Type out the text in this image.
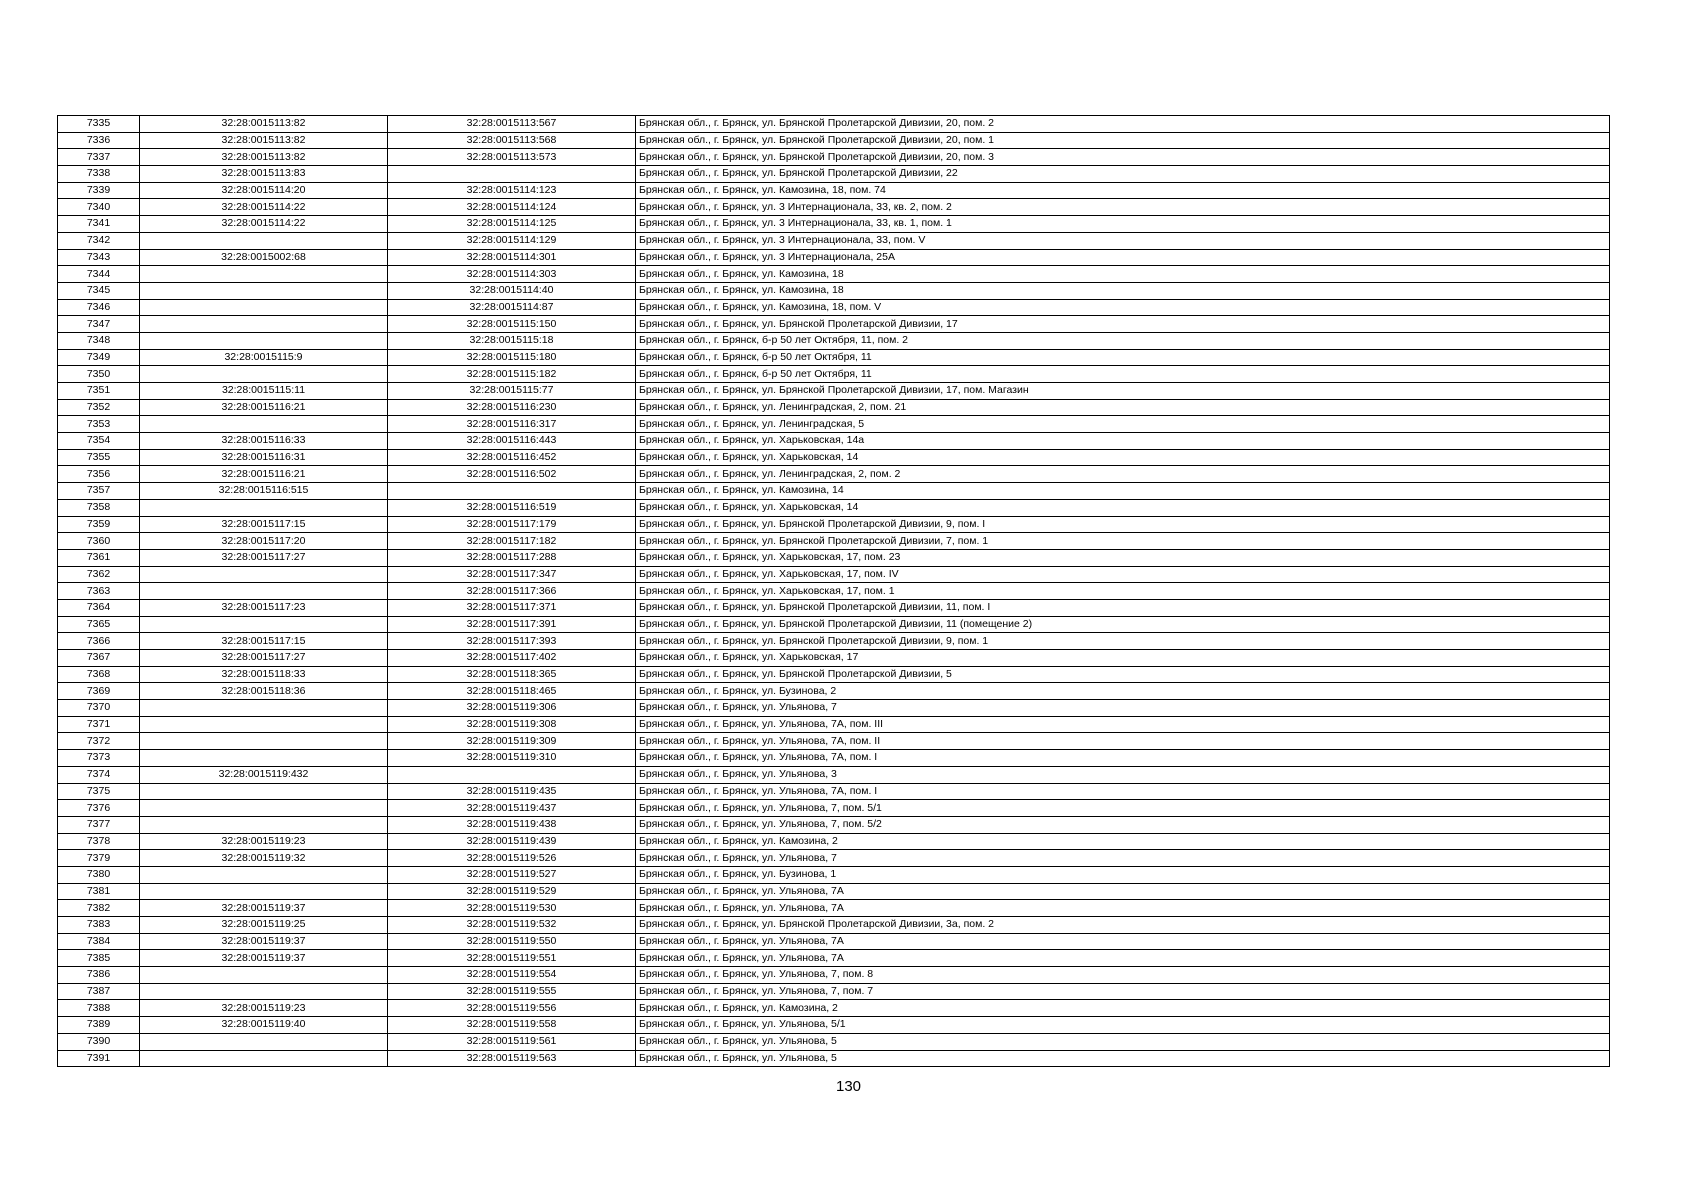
7335	32:28:0015113:82	32:28:0015113:567	Брянская обл., г. Брянск, ул. Брянской Пролетарской Дивизии, 20, пом. 2
7336	32:28:0015113:82	32:28:0015113:568	Брянская обл., г. Брянск, ул. Брянской Пролетарской Дивизии, 20, пом. 1
7337	32:28:0015113:82	32:28:0015113:573	Брянская обл., г. Брянск, ул. Брянской Пролетарской Дивизии, 20, пом. 3
7338	32:28:0015113:83		Брянская обл., г. Брянск, ул. Брянской Пролетарской Дивизии, 22
7339	32:28:0015114:20	32:28:0015114:123	Брянская обл., г. Брянск, ул. Камозина, 18, пом. 74
7340	32:28:0015114:22	32:28:0015114:124	Брянская обл., г. Брянск, ул. 3 Интернационала, 33, кв. 2, пом. 2
7341	32:28:0015114:22	32:28:0015114:125	Брянская обл., г. Брянск, ул. 3 Интернационала, 33, кв. 1, пом. 1
7342		32:28:0015114:129	Брянская обл., г. Брянск, ул. 3 Интернационала, 33, пом. V
7343	32:28:0015002:68	32:28:0015114:301	Брянская обл., г. Брянск, ул. 3 Интернационала, 25А
7344		32:28:0015114:303	Брянская обл., г. Брянск, ул. Камозина, 18
7345		32:28:0015114:40	Брянская обл., г. Брянск, ул. Камозина, 18
7346		32:28:0015114:87	Брянская обл., г. Брянск, ул. Камозина, 18, пом. V
7347		32:28:0015115:150	Брянская обл., г. Брянск, ул. Брянской Пролетарской Дивизии, 17
7348		32:28:0015115:18	Брянская обл., г. Брянск, б-р 50 лет Октября, 11, пом. 2
7349	32:28:0015115:9	32:28:0015115:180	Брянская обл., г. Брянск, б-р 50 лет Октября, 11
7350		32:28:0015115:182	Брянская обл., г. Брянск, б-р 50 лет Октября, 11
7351	32:28:0015115:11	32:28:0015115:77	Брянская обл., г. Брянск, ул. Брянской Пролетарской Дивизии, 17, пом. Магазин
7352	32:28:0015116:21	32:28:0015116:230	Брянская обл., г. Брянск, ул. Ленинградская, 2, пом. 21
7353		32:28:0015116:317	Брянская обл., г. Брянск, ул. Ленинградская, 5
7354	32:28:0015116:33	32:28:0015116:443	Брянская обл., г. Брянск, ул. Харьковская, 14а
7355	32:28:0015116:31	32:28:0015116:452	Брянская обл., г. Брянск, ул. Харьковская, 14
7356	32:28:0015116:21	32:28:0015116:502	Брянская обл., г. Брянск, ул. Ленинградская, 2, пом. 2
7357	32:28:0015116:515		Брянская обл., г. Брянск, ул. Камозина, 14
7358		32:28:0015116:519	Брянская обл., г. Брянск, ул. Харьковская, 14
7359	32:28:0015117:15	32:28:0015117:179	Брянская обл., г. Брянск, ул. Брянской Пролетарской Дивизии, 9, пом. I
7360	32:28:0015117:20	32:28:0015117:182	Брянская обл., г. Брянск, ул. Брянской Пролетарской Дивизии, 7, пом. 1
7361	32:28:0015117:27	32:28:0015117:288	Брянская обл., г. Брянск, ул. Харьковская, 17, пом. 23
7362		32:28:0015117:347	Брянская обл., г. Брянск, ул. Харьковская, 17, пом. IV
7363		32:28:0015117:366	Брянская обл., г. Брянск, ул. Харьковская, 17, пом. 1
7364	32:28:0015117:23	32:28:0015117:371	Брянская обл., г. Брянск, ул. Брянской Пролетарской Дивизии, 11, пом. I
7365		32:28:0015117:391	Брянская обл., г. Брянск, ул. Брянской Пролетарской Дивизии, 11 (помещение 2)
7366	32:28:0015117:15	32:28:0015117:393	Брянская обл., г. Брянск, ул. Брянской Пролетарской Дивизии, 9, пом. 1
7367	32:28:0015117:27	32:28:0015117:402	Брянская обл., г. Брянск, ул. Харьковская, 17
7368	32:28:0015118:33	32:28:0015118:365	Брянская обл., г. Брянск, ул. Брянской Пролетарской Дивизии, 5
7369	32:28:0015118:36	32:28:0015118:465	Брянская обл., г. Брянск, ул. Бузинова, 2
7370		32:28:0015119:306	Брянская обл., г. Брянск, ул. Ульянова, 7
7371		32:28:0015119:308	Брянская обл., г. Брянск, ул. Ульянова, 7А, пом. III
7372		32:28:0015119:309	Брянская обл., г. Брянск, ул. Ульянова, 7А, пом. II
7373		32:28:0015119:310	Брянская обл., г. Брянск, ул. Ульянова, 7А, пом. I
7374	32:28:0015119:432		Брянская обл., г. Брянск, ул. Ульянова, 3
7375		32:28:0015119:435	Брянская обл., г. Брянск, ул. Ульянова, 7А, пом. I
7376		32:28:0015119:437	Брянская обл., г. Брянск, ул. Ульянова, 7, пом. 5/1
7377		32:28:0015119:438	Брянская обл., г. Брянск, ул. Ульянова, 7, пом. 5/2
7378	32:28:0015119:23	32:28:0015119:439	Брянская обл., г. Брянск, ул. Камозина, 2
7379	32:28:0015119:32	32:28:0015119:526	Брянская обл., г. Брянск, ул. Ульянова, 7
7380		32:28:0015119:527	Брянская обл., г. Брянск, ул. Бузинова, 1
7381		32:28:0015119:529	Брянская обл., г. Брянск, ул. Ульянова, 7А
7382	32:28:0015119:37	32:28:0015119:530	Брянская обл., г. Брянск, ул. Ульянова, 7А
7383	32:28:0015119:25	32:28:0015119:532	Брянская обл., г. Брянск, ул. Брянской Пролетарской Дивизии, 3а, пом. 2
7384	32:28:0015119:37	32:28:0015119:550	Брянская обл., г. Брянск, ул. Ульянова, 7А
7385	32:28:0015119:37	32:28:0015119:551	Брянская обл., г. Брянск, ул. Ульянова, 7А
7386		32:28:0015119:554	Брянская обл., г. Брянск, ул. Ульянова, 7, пом. 8
7387		32:28:0015119:555	Брянская обл., г. Брянск, ул. Ульянова, 7, пом. 7
7388	32:28:0015119:23	32:28:0015119:556	Брянская обл., г. Брянск, ул. Камозина, 2
7389	32:28:0015119:40	32:28:0015119:558	Брянская обл., г. Брянск, ул. Ульянова, 5/1
7390		32:28:0015119:561	Брянская обл., г. Брянск, ул. Ульянова, 5
7391		32:28:0015119:563	Брянская обл., г. Брянск, ул. Ульянова, 5
130
